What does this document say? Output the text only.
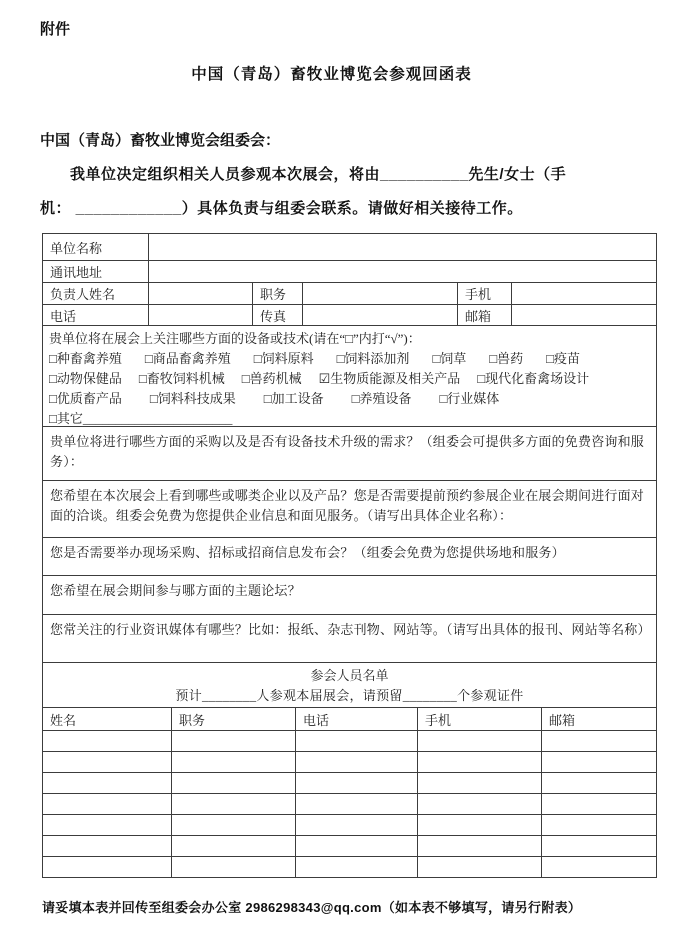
附件
中国（青岛）畜牧业博览会参观回函表
中国（青岛）畜牧业博览会组委会：
我单位决定组织相关人员参观本次展会，将由__________先生/女士（手
机： ____________）具体负责与组委会联系。请做好相关接待工作。
单位名称
通讯地址
负责人姓名	职务	手机
电话	传真	邮箱
贵单位将在展会上关注哪些方面的设备或技术(请在“□”内打“√”)：
□种畜禽养殖 □商品畜禽养殖 □饲料原料 □饲料添加剂 □饲草 □兽药 □疫苗
□动物保健品 □畜牧饲料机械 □兽药机械 ☑生物质能源及相关产品 □现代化畜禽场设计
□优质畜产品 □饲料科技成果 □加工设备 □养殖设备 □行业媒体
□其它_______________________
贵单位将进行哪些方面的采购以及是否有设备技术升级的需求？（组委会可提供多方面的免费咨询和服务）：
您希望在本次展会上看到哪些或哪类企业以及产品？您是否需要提前预约参展企业在展会期间进行面对面的洽谈。组委会免费为您提供企业信息和面见服务。（请写出具体企业名称）：
您是否需要举办现场采购、招标或招商信息发布会？（组委会免费为您提供场地和服务）
您希望在展会期间参与哪方面的主题论坛？
您常关注的行业资讯媒体有哪些？比如：报纸、杂志刊物、网站等。（请写出具体的报刊、网站等名称）
参会人员名单
预计________人参观本届展会，请预留________个参观证件
姓名	职务	电话	手机	邮箱
请妥填本表并回传至组委会办公室 2986298343@qq.com（如本表不够填写，请另行附表）
